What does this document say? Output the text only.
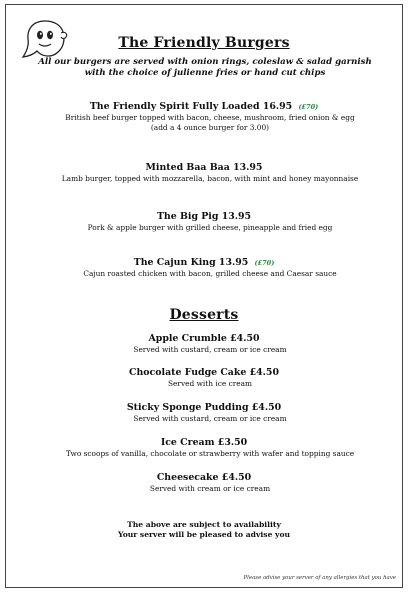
The Friendly Burgers
All our burgers are served with onion rings, coleslaw & salad garnish
with the choice of julienne fries or hand cut chips
The Friendly Spirit Fully Loaded 16.95 (£70)
British beef burger topped with bacon, cheese, mushroom, fried onion & egg
(add a 4 ounce burger for 3.00)
Minted Baa Baa 13.95
Lamb burger, topped with mozzarella, bacon, with mint and honey mayonnaise
The Big Pig 13.95
Pork & apple burger with grilled cheese, pineapple and fried egg
The Cajun King 13.95 (£70)
Cajun roasted chicken with bacon, grilled cheese and Caesar sauce
Desserts
Apple Crumble £4.50
Served with custard, cream or ice cream
Chocolate Fudge Cake £4.50
Served with ice cream
Sticky Sponge Pudding £4.50
Served with custard, cream or ice cream
Ice Cream £3.50
Two scoops of vanilla, chocolate or strawberry with wafer and topping sauce
Cheesecake £4.50
Served with cream or ice cream
The above are subject to availability
Your server will be pleased to advise you
Please advise your server of any allergies that you have
